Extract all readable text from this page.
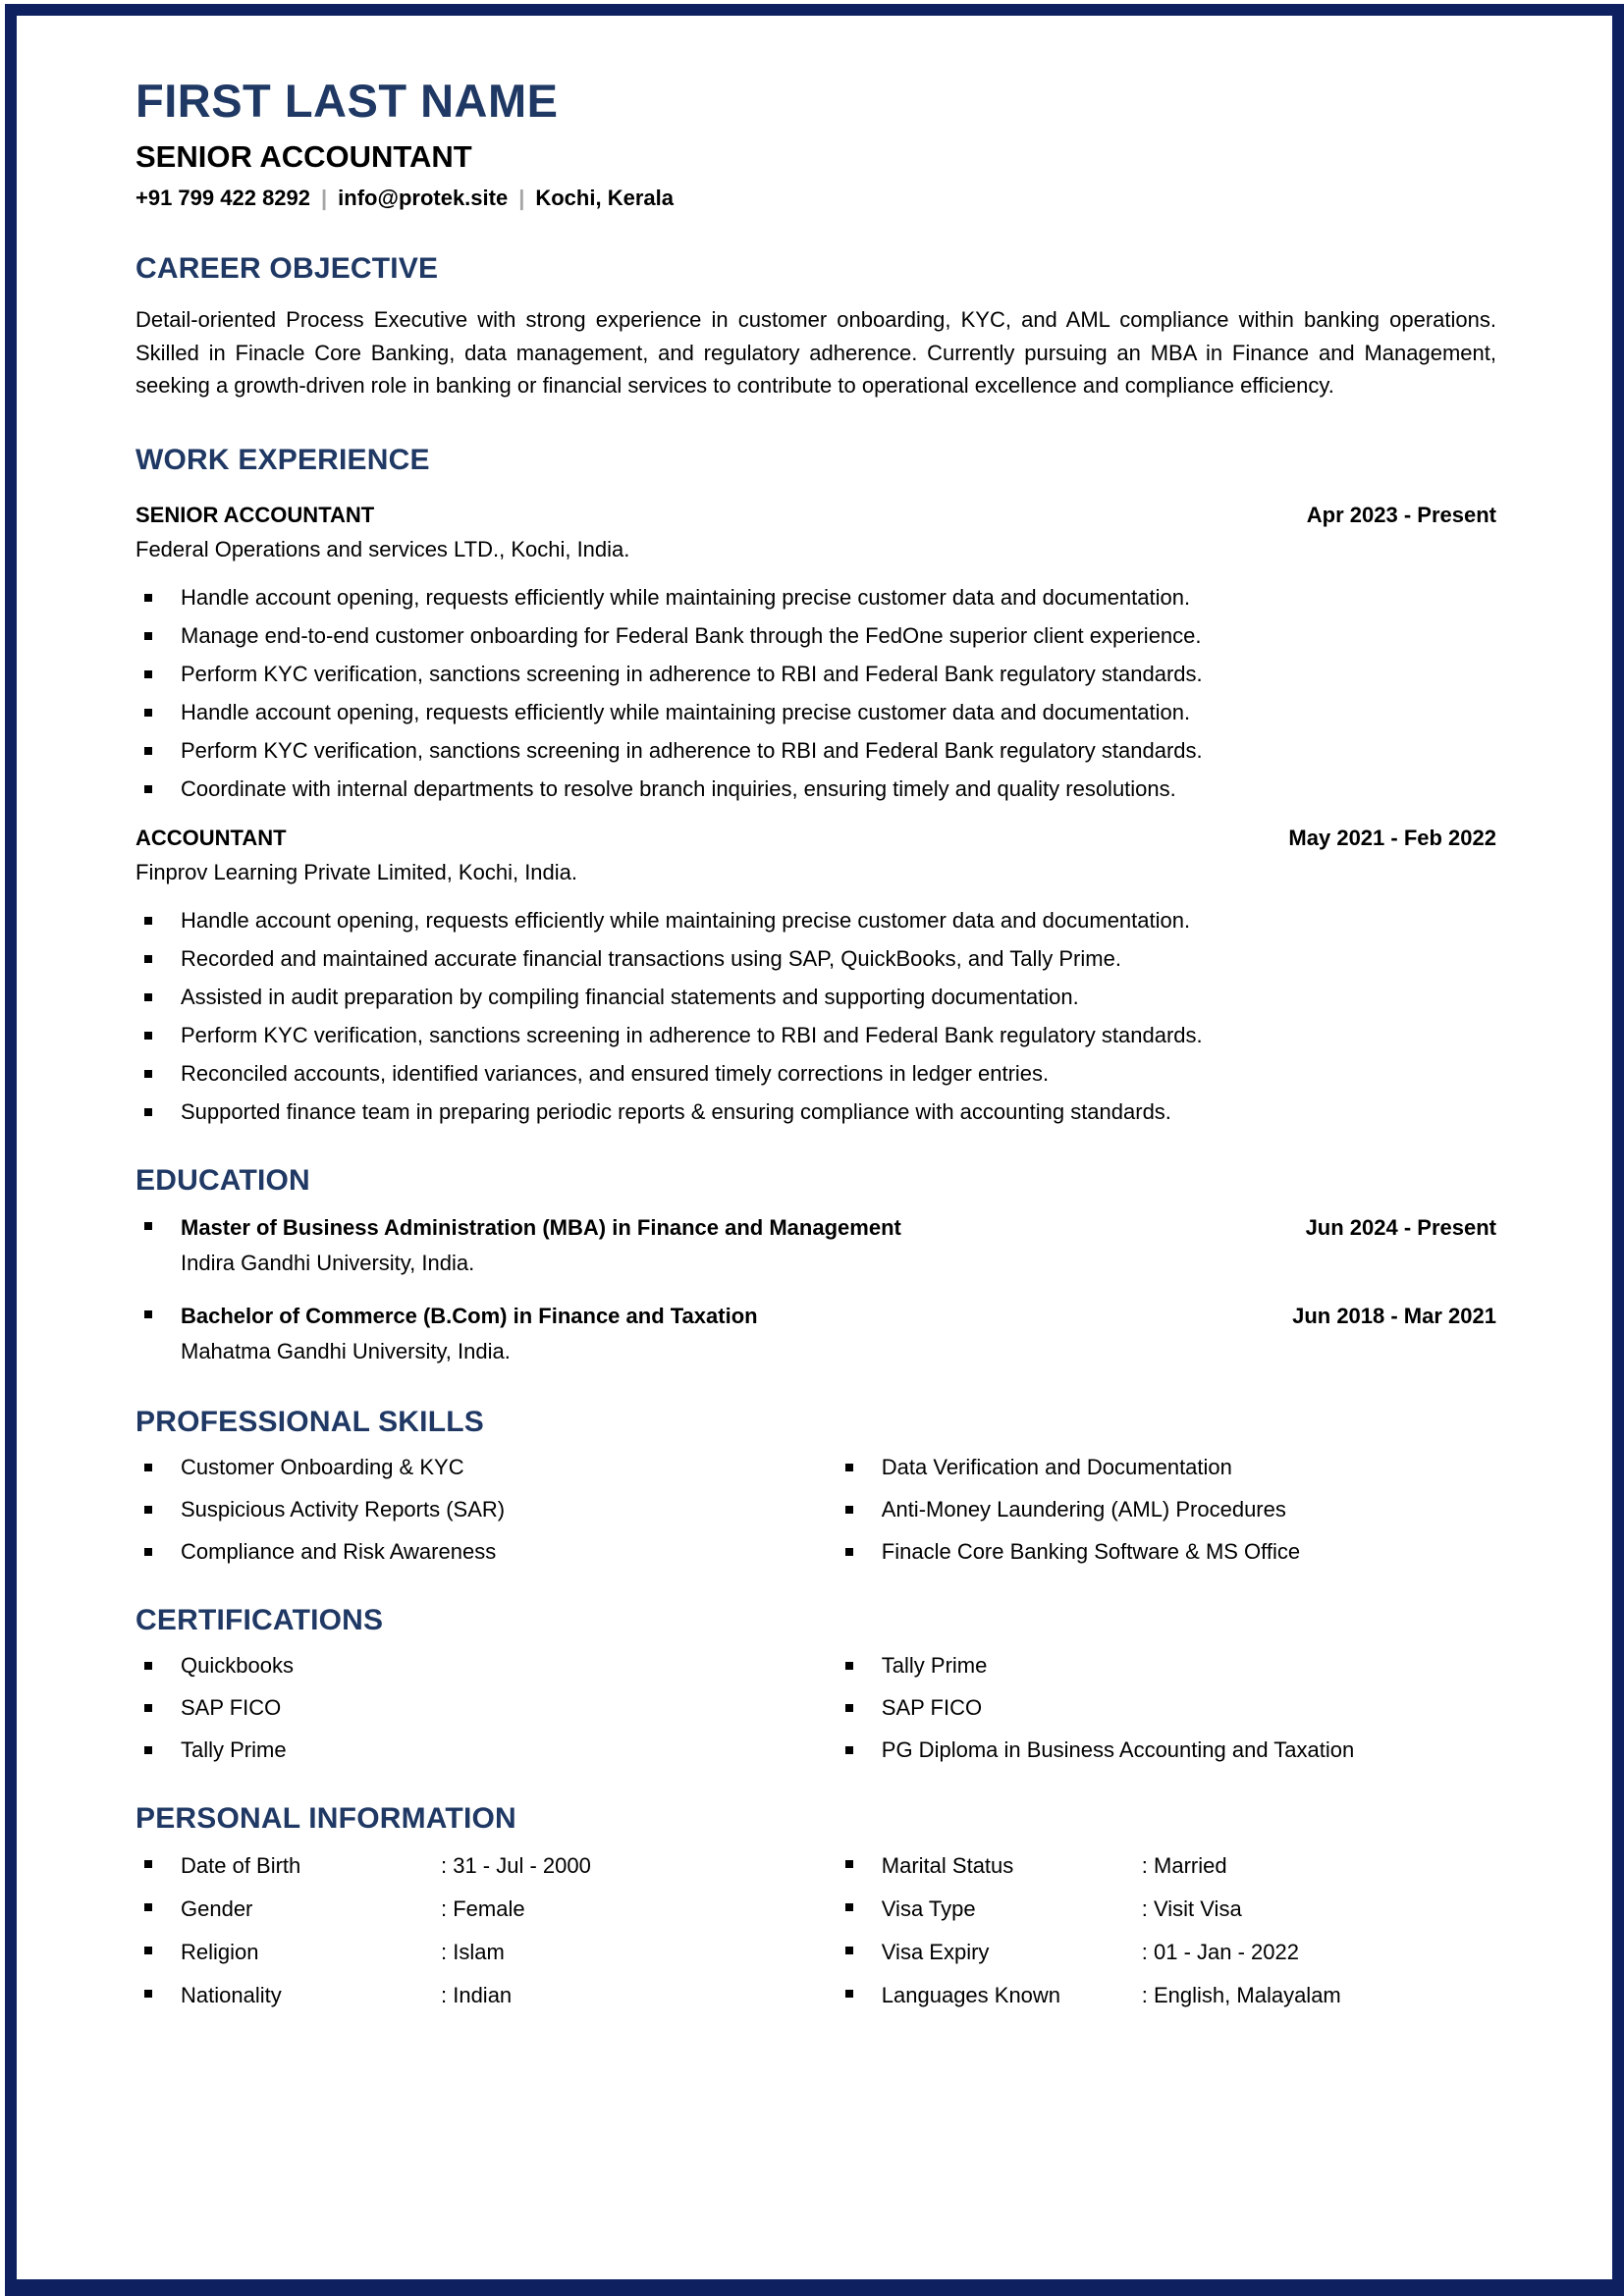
FIRST LAST NAME
SENIOR ACCOUNTANT
+91 799 422 8292 | info@protek.site | Kochi, Kerala
CAREER OBJECTIVE

Detail-oriented Process Executive with strong experience in customer onboarding, KYC, and AML compliance within banking operations. Skilled in Finacle Core Banking, data management, and regulatory adherence. Currently pursuing an MBA in Finance and Management, seeking a growth-driven role in banking or financial services to contribute to operational excellence and compliance efficiency.

WORK EXPERIENCE
SENIOR ACCOUNTANT	Apr 2023 - Present
Federal Operations and services LTD., Kochi, India.
Handle account opening, requests efficiently while maintaining precise customer data and documentation.
Manage end-to-end customer onboarding for Federal Bank through the FedOne superior client experience.
Perform KYC verification, sanctions screening in adherence to RBI and Federal Bank regulatory standards.
Handle account opening, requests efficiently while maintaining precise customer data and documentation.
Perform KYC verification, sanctions screening in adherence to RBI and Federal Bank regulatory standards.
Coordinate with internal departments to resolve branch inquiries, ensuring timely and quality resolutions.
ACCOUNTANT	May 2021 - Feb 2022
Finprov Learning Private Limited, Kochi, India.
Handle account opening, requests efficiently while maintaining precise customer data and documentation.
Recorded and maintained accurate financial transactions using SAP, QuickBooks, and Tally Prime.
Assisted in audit preparation by compiling financial statements and supporting documentation.
Perform KYC verification, sanctions screening in adherence to RBI and Federal Bank regulatory standards.
Reconciled accounts, identified variances, and ensured timely corrections in ledger entries.
Supported finance team in preparing periodic reports & ensuring compliance with accounting standards.
EDUCATION
Master of Business Administration (MBA) in Finance and Management	Jun 2024 - Present
Indira Gandhi University, India.
Bachelor of Commerce (B.Com) in Finance and Taxation	Jun 2018 - Mar 2021
Mahatma Gandhi University, India.
PROFESSIONAL SKILLS
Customer Onboarding & KYC
Suspicious Activity Reports (SAR)
Compliance and Risk Awareness
Data Verification and Documentation
Anti-Money Laundering (AML) Procedures
Finacle Core Banking Software & MS Office
CERTIFICATIONS
Quickbooks
SAP FICO
Tally Prime
Tally Prime
SAP FICO
PG Diploma in Business Accounting and Taxation
PERSONAL INFORMATION
Date of Birth	: 31 - Jul - 2000
Gender	: Female
Religion	: Islam
Nationality	: Indian
Marital Status	: Married
Visa Type	: Visit Visa
Visa Expiry	: 01 - Jan - 2022
Languages Known	: English, Malayalam
